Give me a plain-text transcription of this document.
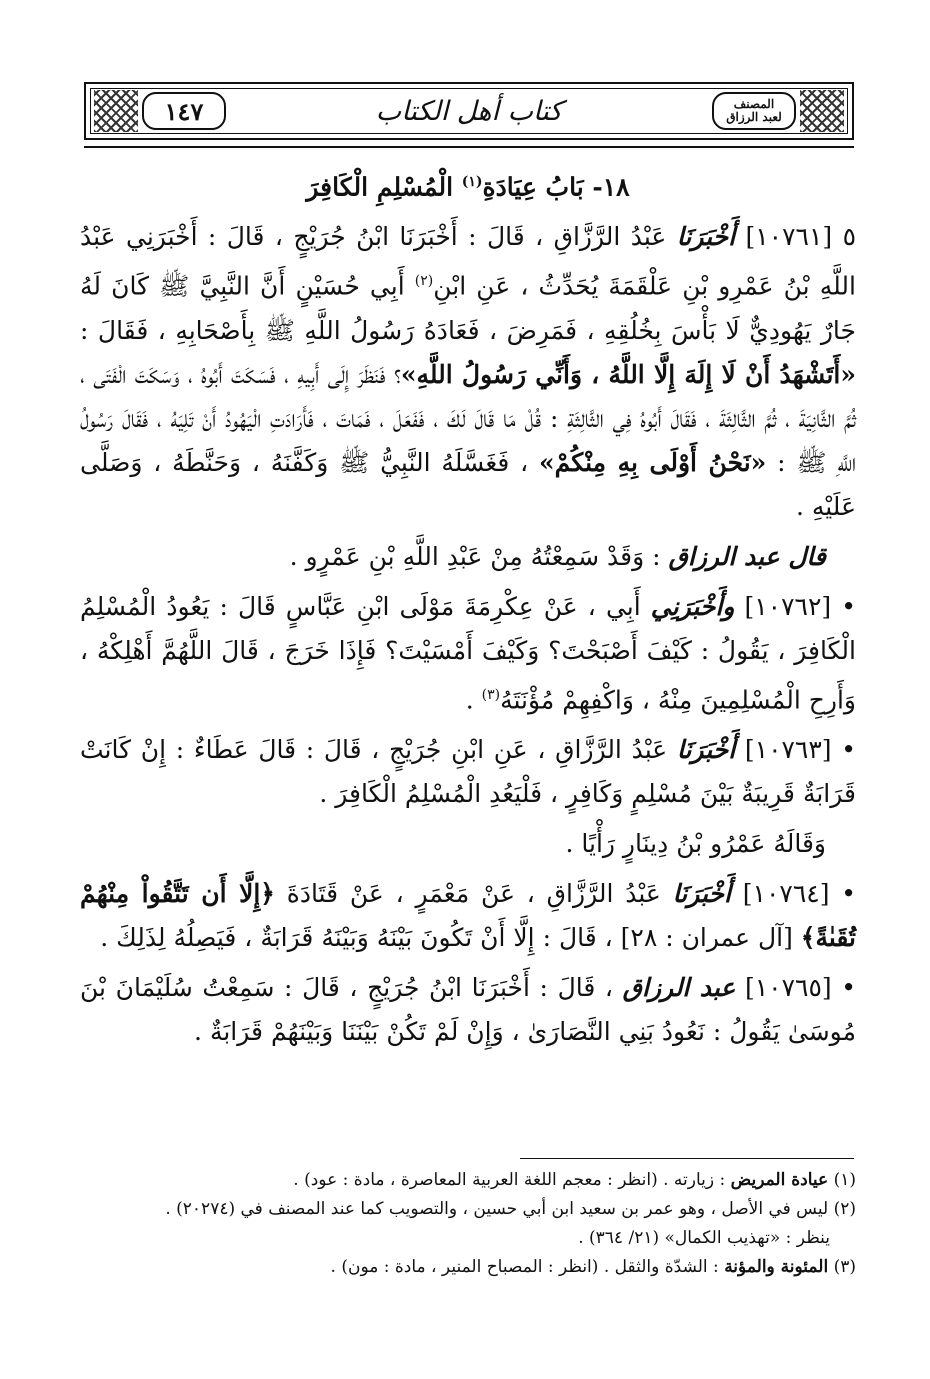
١٤٧	كتاب أهل الكتاب	المصنف
لعبد الرزاق

١٨- بَابُ عِيَادَةِ$^{(١)}$ الْمُسْلِمِ الْكَافِرَ

٥ [١٠٧٦١] أَخْبَرَنَا عَبْدُ الرَّزَّاقِ ، قَالَ : أَخْبَرَنَا ابْنُ جُرَيْجٍ ، قَالَ : أَخْبَرَنِي عَبْدُ اللَّهِ بْنُ عَمْرِو بْنِ عَلْقَمَةَ يُحَدِّثُ ، عَنِ ابْنِ$^{(٢)}$ أَبِي حُسَيْنٍ أَنَّ النَّبِيَّ ﷺ كَانَ لَهُ جَارٌ يَهُودِيٌّ لَا بَأْسَ بِخُلُقِهِ ، فَمَرِضَ ، فَعَادَهُ رَسُولُ اللَّهِ ﷺ بِأَصْحَابِهِ ، فَقَالَ : «أَتَشْهَدُ أَنْ لَا إِلَهَ إِلَّا اللَّهُ ، وَأَنِّي رَسُولُ اللَّهِ»؟ فَنَظَرَ إِلَى أَبِيهِ ، فَسَكَتَ أَبُوهُ ، وَسَكَتَ الْفَتَى ، ثُمَّ الثَّانِيَةَ ، ثُمَّ الثَّالِثَةَ ، فَقَالَ أَبُوهُ فِي الثَّالِثَةِ : قُلْ مَا قَالَ لَكَ ، فَفَعَلَ ، فَمَاتَ ، فَأَرَادَتِ الْيَهُودُ أَنْ تَلِيَهُ ، فَقَالَ رَسُولُ اللَّهِ ﷺ : «نَحْنُ أَوْلَى بِهِ مِنْكُمْ» ، فَغَسَّلَهُ النَّبِيُّ ﷺ وَكَفَّنَهُ ، وَحَنَّطَهُ ، وَصَلَّى عَلَيْهِ .

قال عبد الرزاق : وَقَدْ سَمِعْتُهُ مِنْ عَبْدِ اللَّهِ بْنِ عَمْرٍو .

• [١٠٧٦٢] وأَخْبَرَنِي أَبِي ، عَنْ عِكْرِمَةَ مَوْلَى ابْنِ عَبَّاسٍ قَالَ : يَعُودُ الْمُسْلِمُ الْكَافِرَ ، يَقُولُ : كَيْفَ أَصْبَحْتَ؟ وَكَيْفَ أَمْسَيْتَ؟ فَإِذَا خَرَجَ ، قَالَ اللَّهُمَّ أَهْلِكْهُ ، وَأَرِحِ الْمُسْلِمِينَ مِنْهُ ، وَاكْفِهِمْ مُؤْنَتَهُ$^{(٣)}$ .

• [١٠٧٦٣] أَخْبَرَنَا عَبْدُ الرَّزَّاقِ ، عَنِ ابْنِ جُرَيْجٍ ، قَالَ : قَالَ عَطَاءٌ : إِنْ كَانَتْ قَرَابَةٌ قَرِيبَةٌ بَيْنَ مُسْلِمٍ وَكَافِرٍ ، فَلْيَعُدِ الْمُسْلِمُ الْكَافِرَ .

وَقَالَهُ عَمْرُو بْنُ دِينَارٍ رَأْيًا .

• [١٠٧٦٤] أَخْبَرَنَا عَبْدُ الرَّزَّاقِ ، عَنْ مَعْمَرٍ ، عَنْ قَتَادَةَ ﴿إِلَّا أَن تَتَّقُواْ مِنْهُمْ تُقَىٰةً﴾ [آل عمران : ٢٨] ، قَالَ : إِلَّا أَنْ تَكُونَ بَيْنَهُ وَبَيْنَهُ قَرَابَةٌ ، فَيَصِلُهُ لِذَلِكَ .

• [١٠٧٦٥] عبد الرزاق ، قَالَ : أَخْبَرَنَا ابْنُ جُرَيْجٍ ، قَالَ : سَمِعْتُ سُلَيْمَانَ بْنَ مُوسَىٰ يَقُولُ : نَعُودُ بَنِي النَّصَارَىٰ ، وَإِنْ لَمْ تَكُنْ بَيْنَنَا وَبَيْنَهُمْ قَرَابَةٌ .

(١) عيادة المريض : زيارته . (انظر : معجم اللغة العربية المعاصرة ، مادة : عود) .

(٢) ليس في الأصل ، وهو عمر بن سعيد ابن أبي حسين ، والتصويب كما عند المصنف في (٢٠٢٧٤) .

ينظر : «تهذيب الكمال» (٢١/ ٣٦٤) .

(٣) المئونة والمؤنة : الشدّة والثقل . (انظر : المصباح المنير ، مادة : مون) .
